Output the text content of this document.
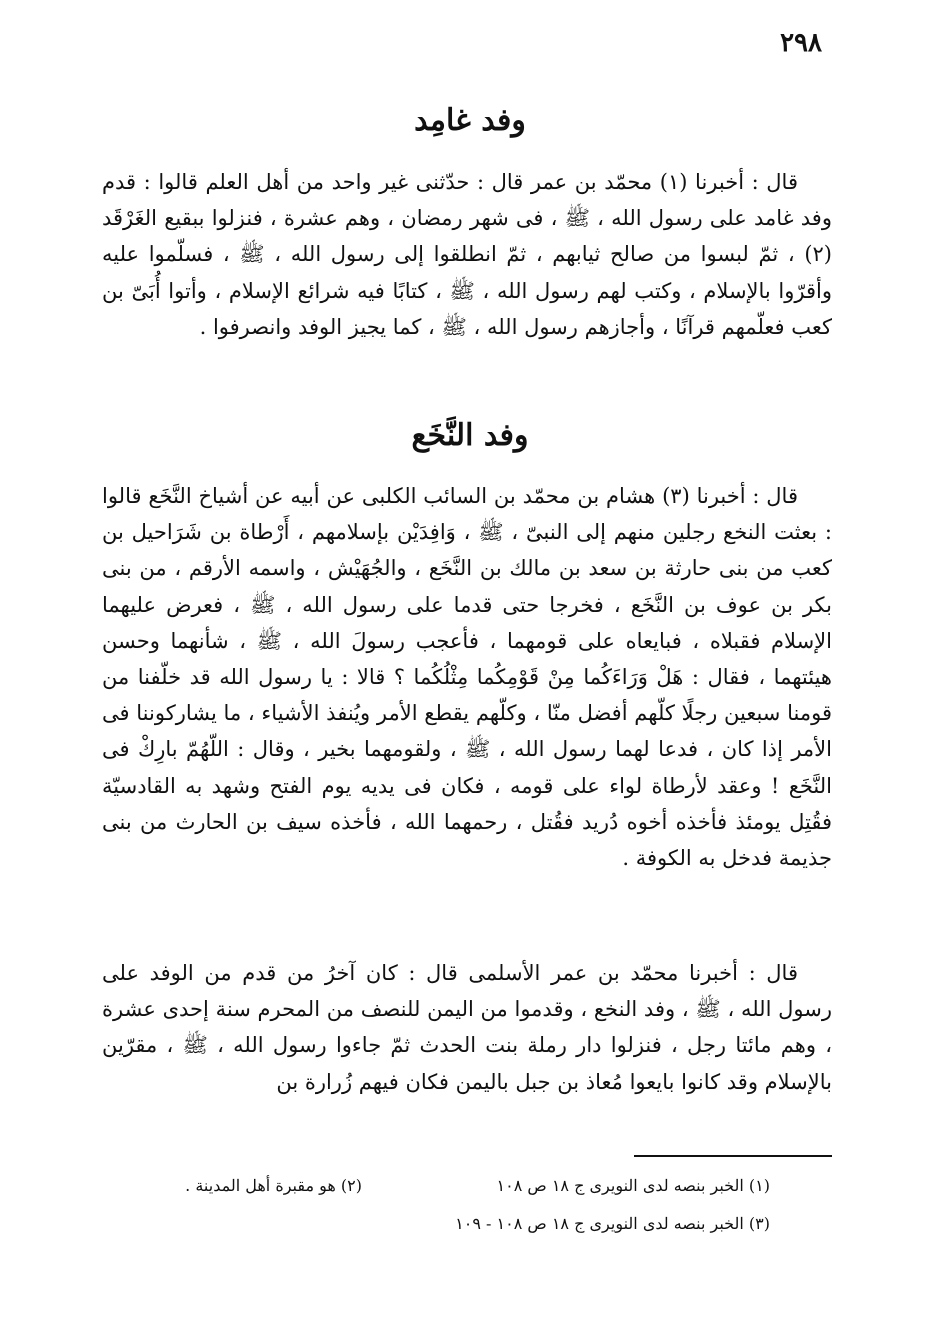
٢٩٨
وفد غامِد
قال : أخبرنا (١) محمّد بن عمر قال : حدّثنى غير واحد من أهل العلم قالوا : قدم وفد غامد على رسول الله ، ﷺ ، فى شهر رمضان ، وهم عشرة ، فنزلوا ببقيع الغَرْقَد (٢) ، ثمّ لبسوا من صالح ثيابهم ، ثمّ انطلقوا إلى رسول الله ، ﷺ ، فسلّموا عليه وأقرّوا بالإسلام ، وكتب لهم رسول الله ، ﷺ ، كتابًا فيه شرائع الإسلام ، وأتوا أُبَىّ بن كعب فعلّمهم قرآنًا ، وأجازهم رسول الله ، ﷺ ، كما يجيز الوفد وانصرفوا .
وفد النَّخَع
قال : أخبرنا (٣) هشام بن محمّد بن السائب الكلبى عن أبيه عن أشياخ النَّخَع قالوا : بعثت النخع رجلين منهم إلى النبىّ ، ﷺ ، وَافِدَيْن بإسلامهم ، أَرْطاة بن شَرَاحيل بن كعب من بنى حارثة بن سعد بن مالك بن النَّخَع ، والجُهَيْش ، واسمه الأرقم ، من بنى بكر بن عوف بن النَّخَع ، فخرجا حتى قدما على رسول الله ، ﷺ ، فعرض عليهما الإسلام فقبلاه ، فبايعاه على قومهما ، فأعجب رسولَ الله ، ﷺ ، شأنهما وحسن هيئتهما ، فقال : هَلْ وَرَاءَكُما مِنْ قَوْمِكُما مِثْلُكُما ؟ قالا : يا رسول الله قد خلّفنا من قومنا سبعين رجلًا كلّهم أفضل منّا ، وكلّهم يقطع الأمر ويُنفذ الأشياء ، ما يشاركوننا فى الأمر إذا كان ، فدعا لهما رسول الله ، ﷺ ، ولقومهما بخير ، وقال : اللّهُمّ بارِكْ فى النَّخَع ! وعقد لأرطاة لواء على قومه ، فكان فى يديه يوم الفتح وشهد به القادسيّة فقُتِل يومئذ فأخذه أخوه دُريد فقُتل ، رحمهما الله ، فأخذه سيف بن الحارث من بنى جذيمة فدخل به الكوفة .
قال : أخبرنا محمّد بن عمر الأسلمى قال : كان آخرُ من قدم من الوفد على رسول الله ، ﷺ ، وفد النخع ، وقدموا من اليمن للنصف من المحرم سنة إحدى عشرة ، وهم مائتا رجل ، فنزلوا دار رملة بنت الحدث ثمّ جاءوا رسول الله ، ﷺ ، مقرّين بالإسلام وقد كانوا بايعوا مُعاذ بن جبل باليمن فكان فيهم زُرارة بن
(١) الخبر بنصه لدى النويرى ج ١٨ ص ١٠٨
(٢) هو مقبرة أهل المدينة .
(٣) الخبر بنصه لدى النويرى ج ١٨ ص ١٠٨ - ١٠٩
